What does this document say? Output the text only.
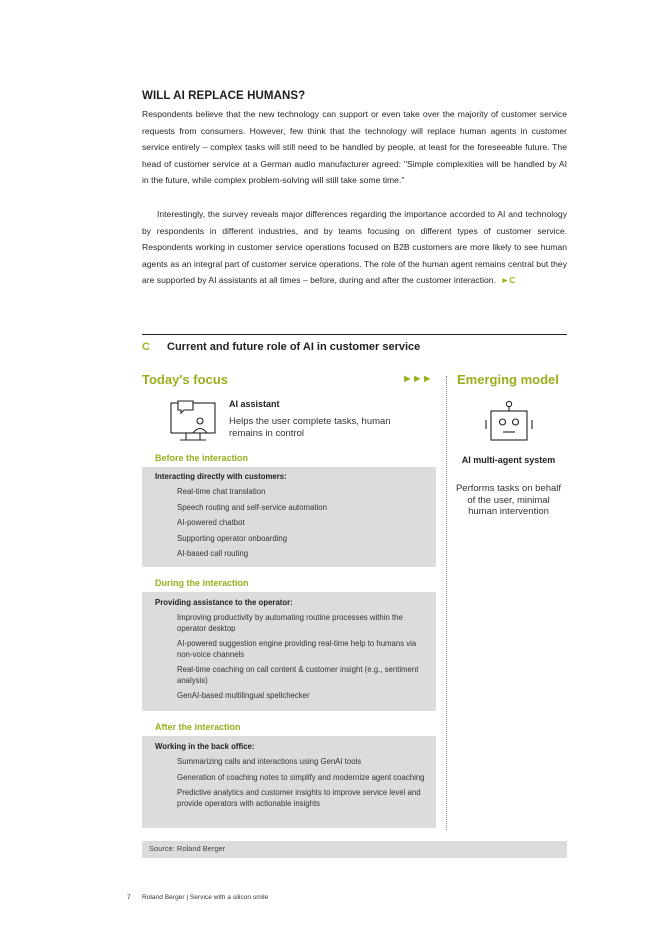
WILL AI REPLACE HUMANS?

Respondents believe that the new technology can support or even take over the majority of customer service requests from consumers. However, few think that the technology will replace human agents in customer service entirely – complex tasks will still need to be handled by people, at least for the foreseeable future. The head of customer service at a German audio manufacturer agreed: "Simple complexities will be handled by AI in the future, while complex problem-solving will still take some time."

Interestingly, the survey reveals major differences regarding the importance accorded to AI and technology by respondents in different industries, and by teams focusing on different types of customer service. Respondents working in customer service operations focused on B2B customers are more likely to see human agents as an integral part of customer service operations. The role of the human agent remains central but they are supported by AI assistants at all times – before, during and after the customer interaction. ►C

C Current and future role of AI in customer service
Today's focus	►►► Emerging model
AI assistant
Helps the user complete tasks, human remains in control
Before the interaction
Interacting directly with customers:
Real-time chat translation
Speech routing and self-service automation
AI-powered chatbot
Supporting operator onboarding
AI-based call routing
During the interaction
Providing assistance to the operator:
Improving productivity by automating routine processes within the operator desktop
AI-powered suggestion engine providing real-time help to humans via non-voice channels
Real-time coaching on call content & customer insight (e.g., sentiment analysis)
GenAI-based multilingual spellchecker
After the interaction
Working in the back office:
Summarizing calls and interactions using GenAI tools
Generation of coaching notes to simplify and modernize agent coaching
Predictive analytics and customer insights to improve service level and provide operators with actionable insights
AI multi-agent system
Performs tasks on behalf of the user, minimal human intervention
Source: Roland Berger
7 Roland Berger | Service with a silicon smile
